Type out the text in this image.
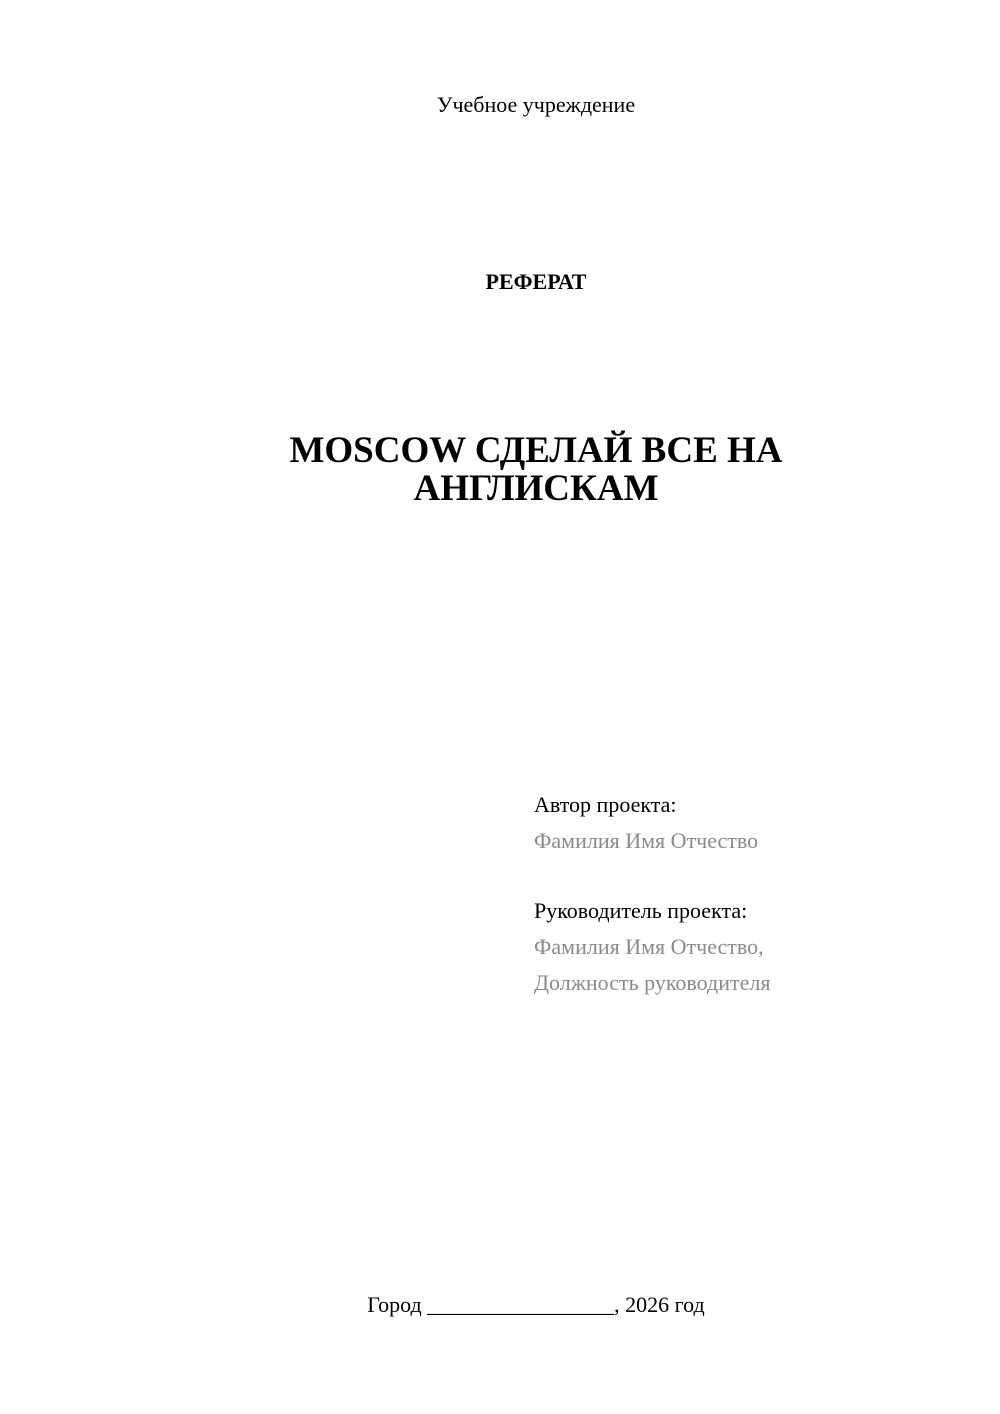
Учебное учреждение
РЕФЕРАТ
MOSCOW СДЕЛАЙ ВСЕ НА
АНГЛИСКАМ
Автор проекта:
Фамилия Имя Отчество
Руководитель проекта:
Фамилия Имя Отчество,
Должность руководителя
Город _________________, 2026 год
